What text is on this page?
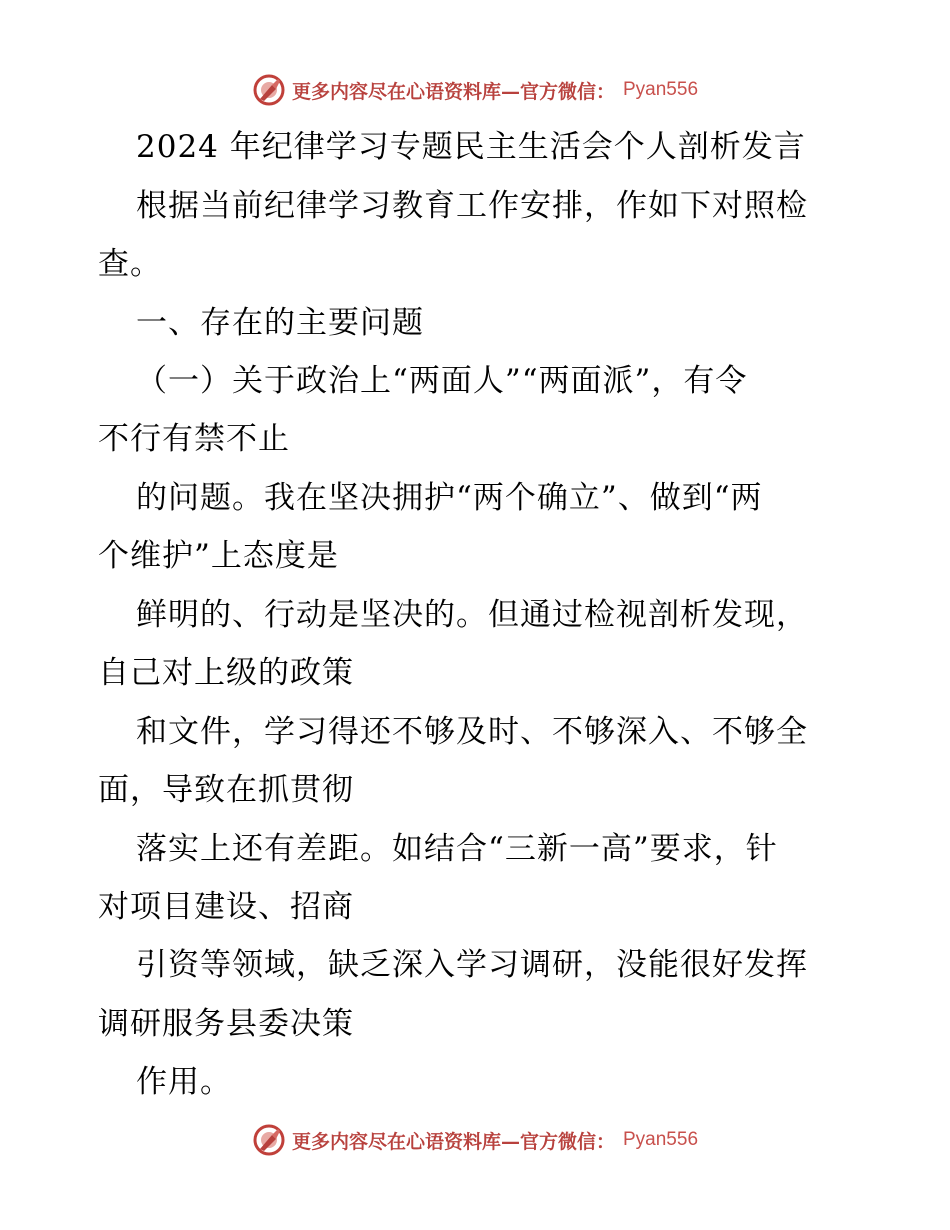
更多内容尽在心语资料库—官方微信： Pyan556
2024 年纪律学习专题民主生活会个人剖析发言
根据当前纪律学习教育工作安排，作如下对照检
查。
一、存在的主要问题
（一）关于政治上“两面人”“两面派”，有令
不行有禁不止
的问题。我在坚决拥护“两个确立”、做到“两
个维护”上态度是
鲜明的、行动是坚决的。但通过检视剖析发现，
自己对上级的政策
和文件，学习得还不够及时、不够深入、不够全
面，导致在抓贯彻
落实上还有差距。如结合“三新一高”要求，针
对项目建设、招商
引资等领域，缺乏深入学习调研，没能很好发挥
调研服务县委决策
作用。
更多内容尽在心语资料库—官方微信： Pyan556
